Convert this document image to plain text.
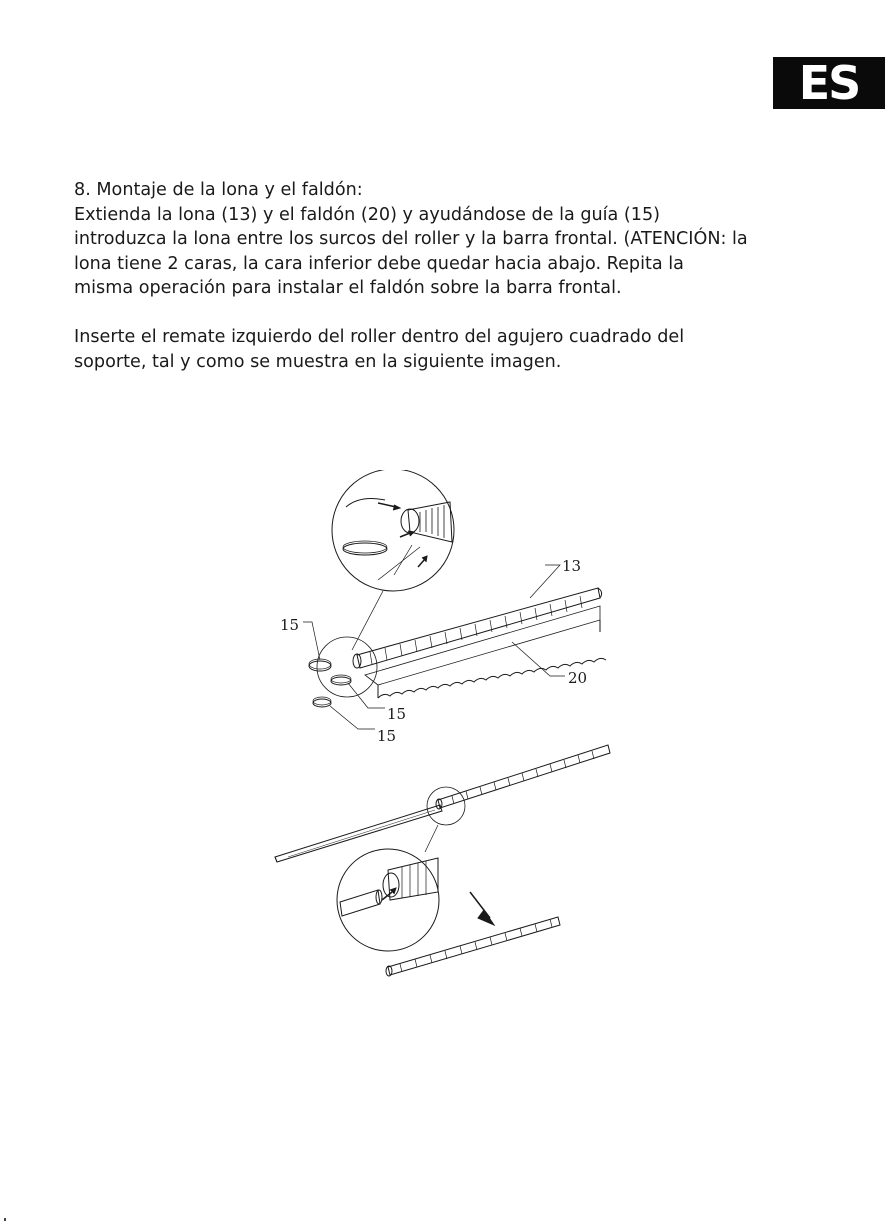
ES

8. Montaje de la lona y el faldón:
Extienda la lona (13) y el faldón (20) y ayudándose de la guía (15)
introduzca la lona entre los surcos del roller y la barra frontal. (ATENCIÓN: la
lona tiene 2 caras, la cara inferior debe quedar hacia abajo. Repita la
misma operación para instalar el faldón sobre la barra frontal.

Inserte el remate izquierdo del roller dentro del agujero cuadrado del
soporte, tal y como se muestra en la siguiente imagen.

13
15
15
15
20
